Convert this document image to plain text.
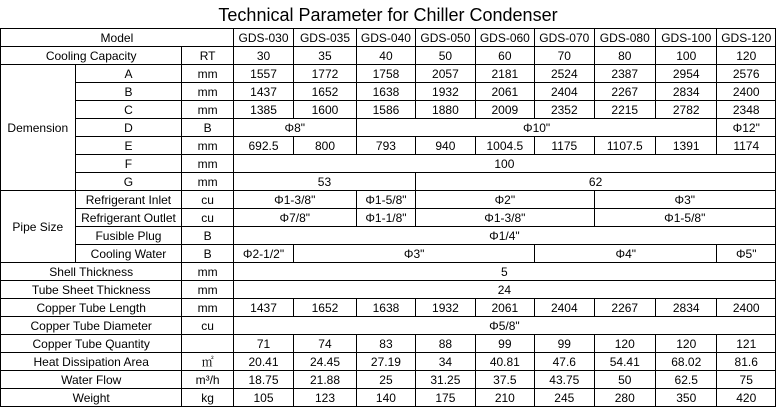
Technical Parameter for Chiller Condenser
Model			GDS-030	GDS-035	GDS-040	GDS-050	GDS-060	GDS-070	GDS-080	GDS-100	GDS-120
Cooling Capacity		RT	30	35	40	50	60	70	80	100	120
Demension	A	mm	1557	1772	1758	2057	2181	2524	2387	2954	2576
	B	mm	1437	1652	1638	1932	2061	2404	2267	2834	2400
	C	mm	1385	1600	1586	1880	2009	2352	2215	2782	2348
	D	B	Φ8"		Φ10"						Φ12"
	E	mm	692.5	800	793	940	1004.5	1175	1107.5	1391	1174
	F	mm	100								
	G	mm	53			62					
Pipe Size	Refrigerant Inlet	cu	Φ1-3/8"		Φ1-5/8"	Φ2"			Φ3"		
	Refrigerant Outlet	cu	Φ7/8"		Φ1-1/8"	Φ1-3/8"			Φ1-5/8"		
	Fusible Plug	B	Φ1/4"								
	Cooling Water	B	Φ2-1/2"	Φ3"				Φ4"			Φ5"
Shell Thickness		mm	5								
Tube Sheet Thickness		mm	24								
Copper Tube Length		mm	1437	1652	1638	1932	2061	2404	2267	2834	2400
Copper Tube Diameter		cu	Φ5/8"								
Copper Tube Quantity			71	74	83	88	99	99	120	120	121
Heat Dissipation Area		㎡	20.41	24.45	27.19	34	40.81	47.6	54.41	68.02	81.6
Water Flow		m³/h	18.75	21.88	25	31.25	37.5	43.75	50	62.5	75
Weight		kg	105	123	140	175	210	245	280	350	420
